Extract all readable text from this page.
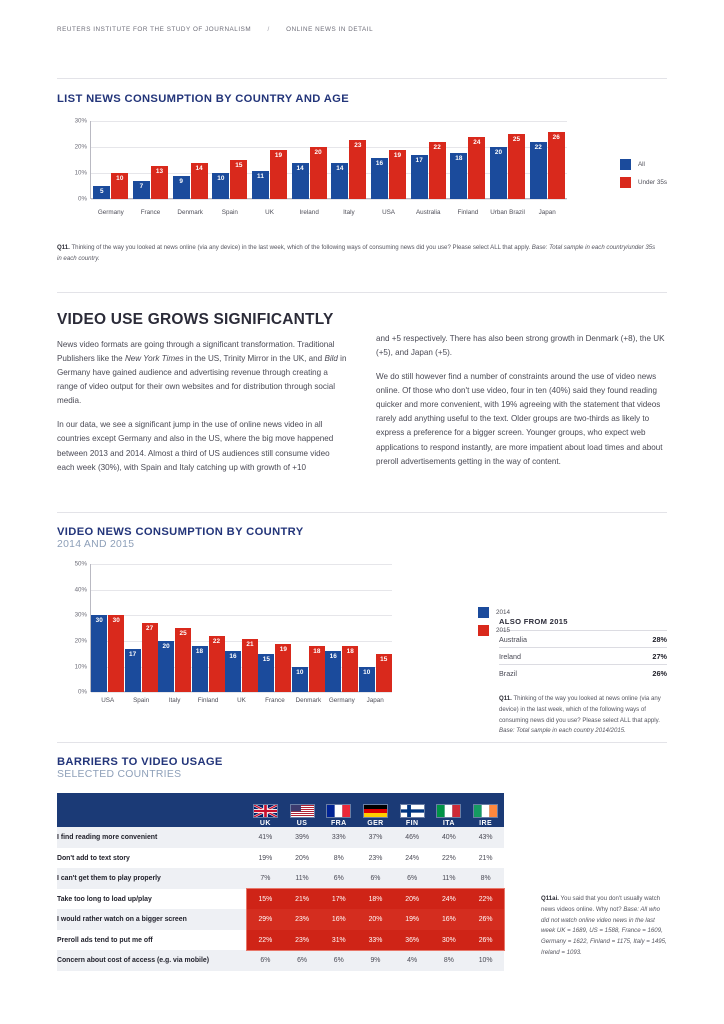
REUTERS INSTITUTE FOR THE STUDY OF JOURNALISM	/	ONLINE NEWS IN DETAIL
LIST NEWS CONSUMPTION BY COUNTRY AND AGE
0%
10%
20%
30%
5
10
7
13
9
14
10
15
11
19
14
20
14
23
16
19
17
22
18
24
20
25
22
26
Germany	France	Denmark	Spain	UK	Ireland	Italy	USA	Australia	Finland	Urban Brazil	Japan
All
Under 35s
Q11. Thinking of the way you looked at news online (via any device) in the last week, which of the following ways of consuming news did you use? Please select ALL that apply. Base: Total sample in each country/under 35s in each country.
VIDEO USE GROWS SIGNIFICANTLY

News video formats are going through a significant transformation. Traditional Publishers like the New York Times in the US, Trinity Mirror in the UK, and Bild in Germany have gained audience and advertising revenue through creating a range of video output for their own websites and for distribution through social media.

In our data, we see a significant jump in the use of online news video in all countries except Germany and also in the US, where the big move happened between 2013 and 2014. Almost a third of US audiences still consume video each week (30%), with Spain and Italy catching up with growth of +10

and +5 respectively. There has also been strong growth in Denmark (+8), the UK (+5), and Japan (+5).

We do still however find a number of constraints around the use of video news online. Of those who don't use video, four in ten (40%) said they found reading quicker and more convenient, with 19% agreeing with the statement that videos rarely add anything useful to the text. Older groups are two-thirds as likely to express a preference for a bigger screen. Younger groups, who expect web applications to respond instantly, are more impatient about load times and about preroll advertisements getting in the way of content.

VIDEO NEWS CONSUMPTION BY COUNTRY
2014 AND 2015
0%
10%
20%
30%
40%
50%
30	30
17
27
20
25
18
22
16
21
15
19
10
18
16
18
10
15
USA	Spain	Italy	Finland	UK	France	Denmark	Germany	Japan
2014
2015
ALSO FROM 2015
Australia	28%
Ireland	27%
Brazil	26%
Q11. Thinking of the way you looked at news online (via any device) in the last week, which of the following ways of consuming news did you use? Please select ALL that apply. Base: Total sample in each country 2014/2015.
BARRIERS TO VIDEO USAGE
SELECTED COUNTRIES

UK	US	FRA	GER	FIN	ITA	IRE
I find reading more convenient	41%	39%	33%	37%	46%	40%	43%
Don't add to text story	19%	20%	8%	23%	24%	22%	21%
I can't get them to play properly	7%	11%	6%	6%	6%	11%	8%
Take too long to load up/play	15%	21%	17%	18%	20%	24%	22%
I would rather watch on a bigger screen	29%	23%	16%	20%	19%	16%	26%
Preroll ads tend to put me off	22%	23%	31%	33%	36%	30%	26%
Concern about cost of access (e.g. via mobile)	6%	6%	6%	9%	4%	8%	10%
Q11ai. You said that you don't usually watch news videos online. Why not? Base: All who did not watch online video news in the last week UK = 1689, US = 1588, France = 1609, Germany = 1622, Finland = 1175, Italy = 1495, Ireland = 1093.
